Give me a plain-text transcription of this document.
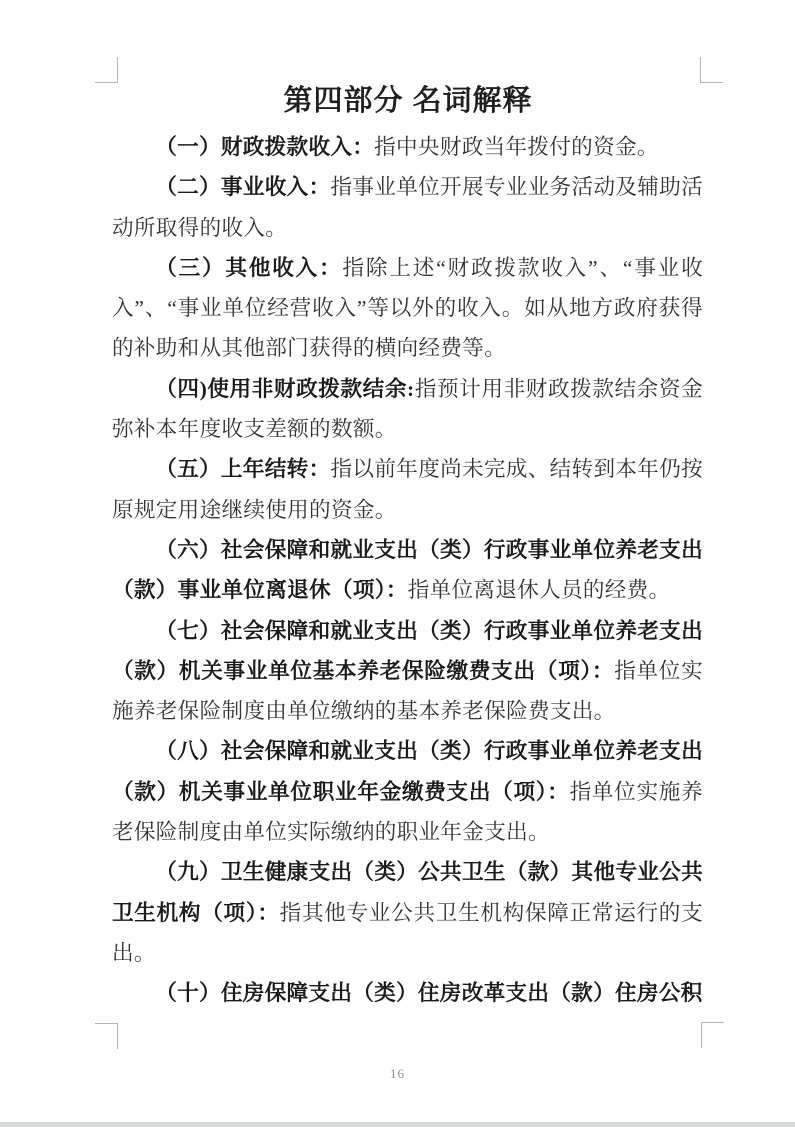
第四部分 名词解释

（一）财政拨款收入：指中央财政当年拨付的资金。

（二）事业收入：指事业单位开展专业业务活动及辅助活动所取得的收入。

（三）其他收入：指除上述“财政拨款收入”、“事业收入”、“事业单位经营收入”等以外的收入。如从地方政府获得的补助和从其他部门获得的横向经费等。

（四)使用非财政拨款结余:指预计用非财政拨款结余资金弥补本年度收支差额的数额。

（五）上年结转：指以前年度尚未完成、结转到本年仍按原规定用途继续使用的资金。

（六）社会保障和就业支出（类）行政事业单位养老支出（款）事业单位离退休（项）：指单位离退休人员的经费。

（七）社会保障和就业支出（类）行政事业单位养老支出（款）机关事业单位基本养老保险缴费支出（项）：指单位实施养老保险制度由单位缴纳的基本养老保险费支出。

（八）社会保障和就业支出（类）行政事业单位养老支出（款）机关事业单位职业年金缴费支出（项）：指单位实施养老保险制度由单位实际缴纳的职业年金支出。

（九）卫生健康支出（类）公共卫生（款）其他专业公共卫生机构（项）：指其他专业公共卫生机构保障正常运行的支出。

（十）住房保障支出（类）住房改革支出（款）住房公积

16
